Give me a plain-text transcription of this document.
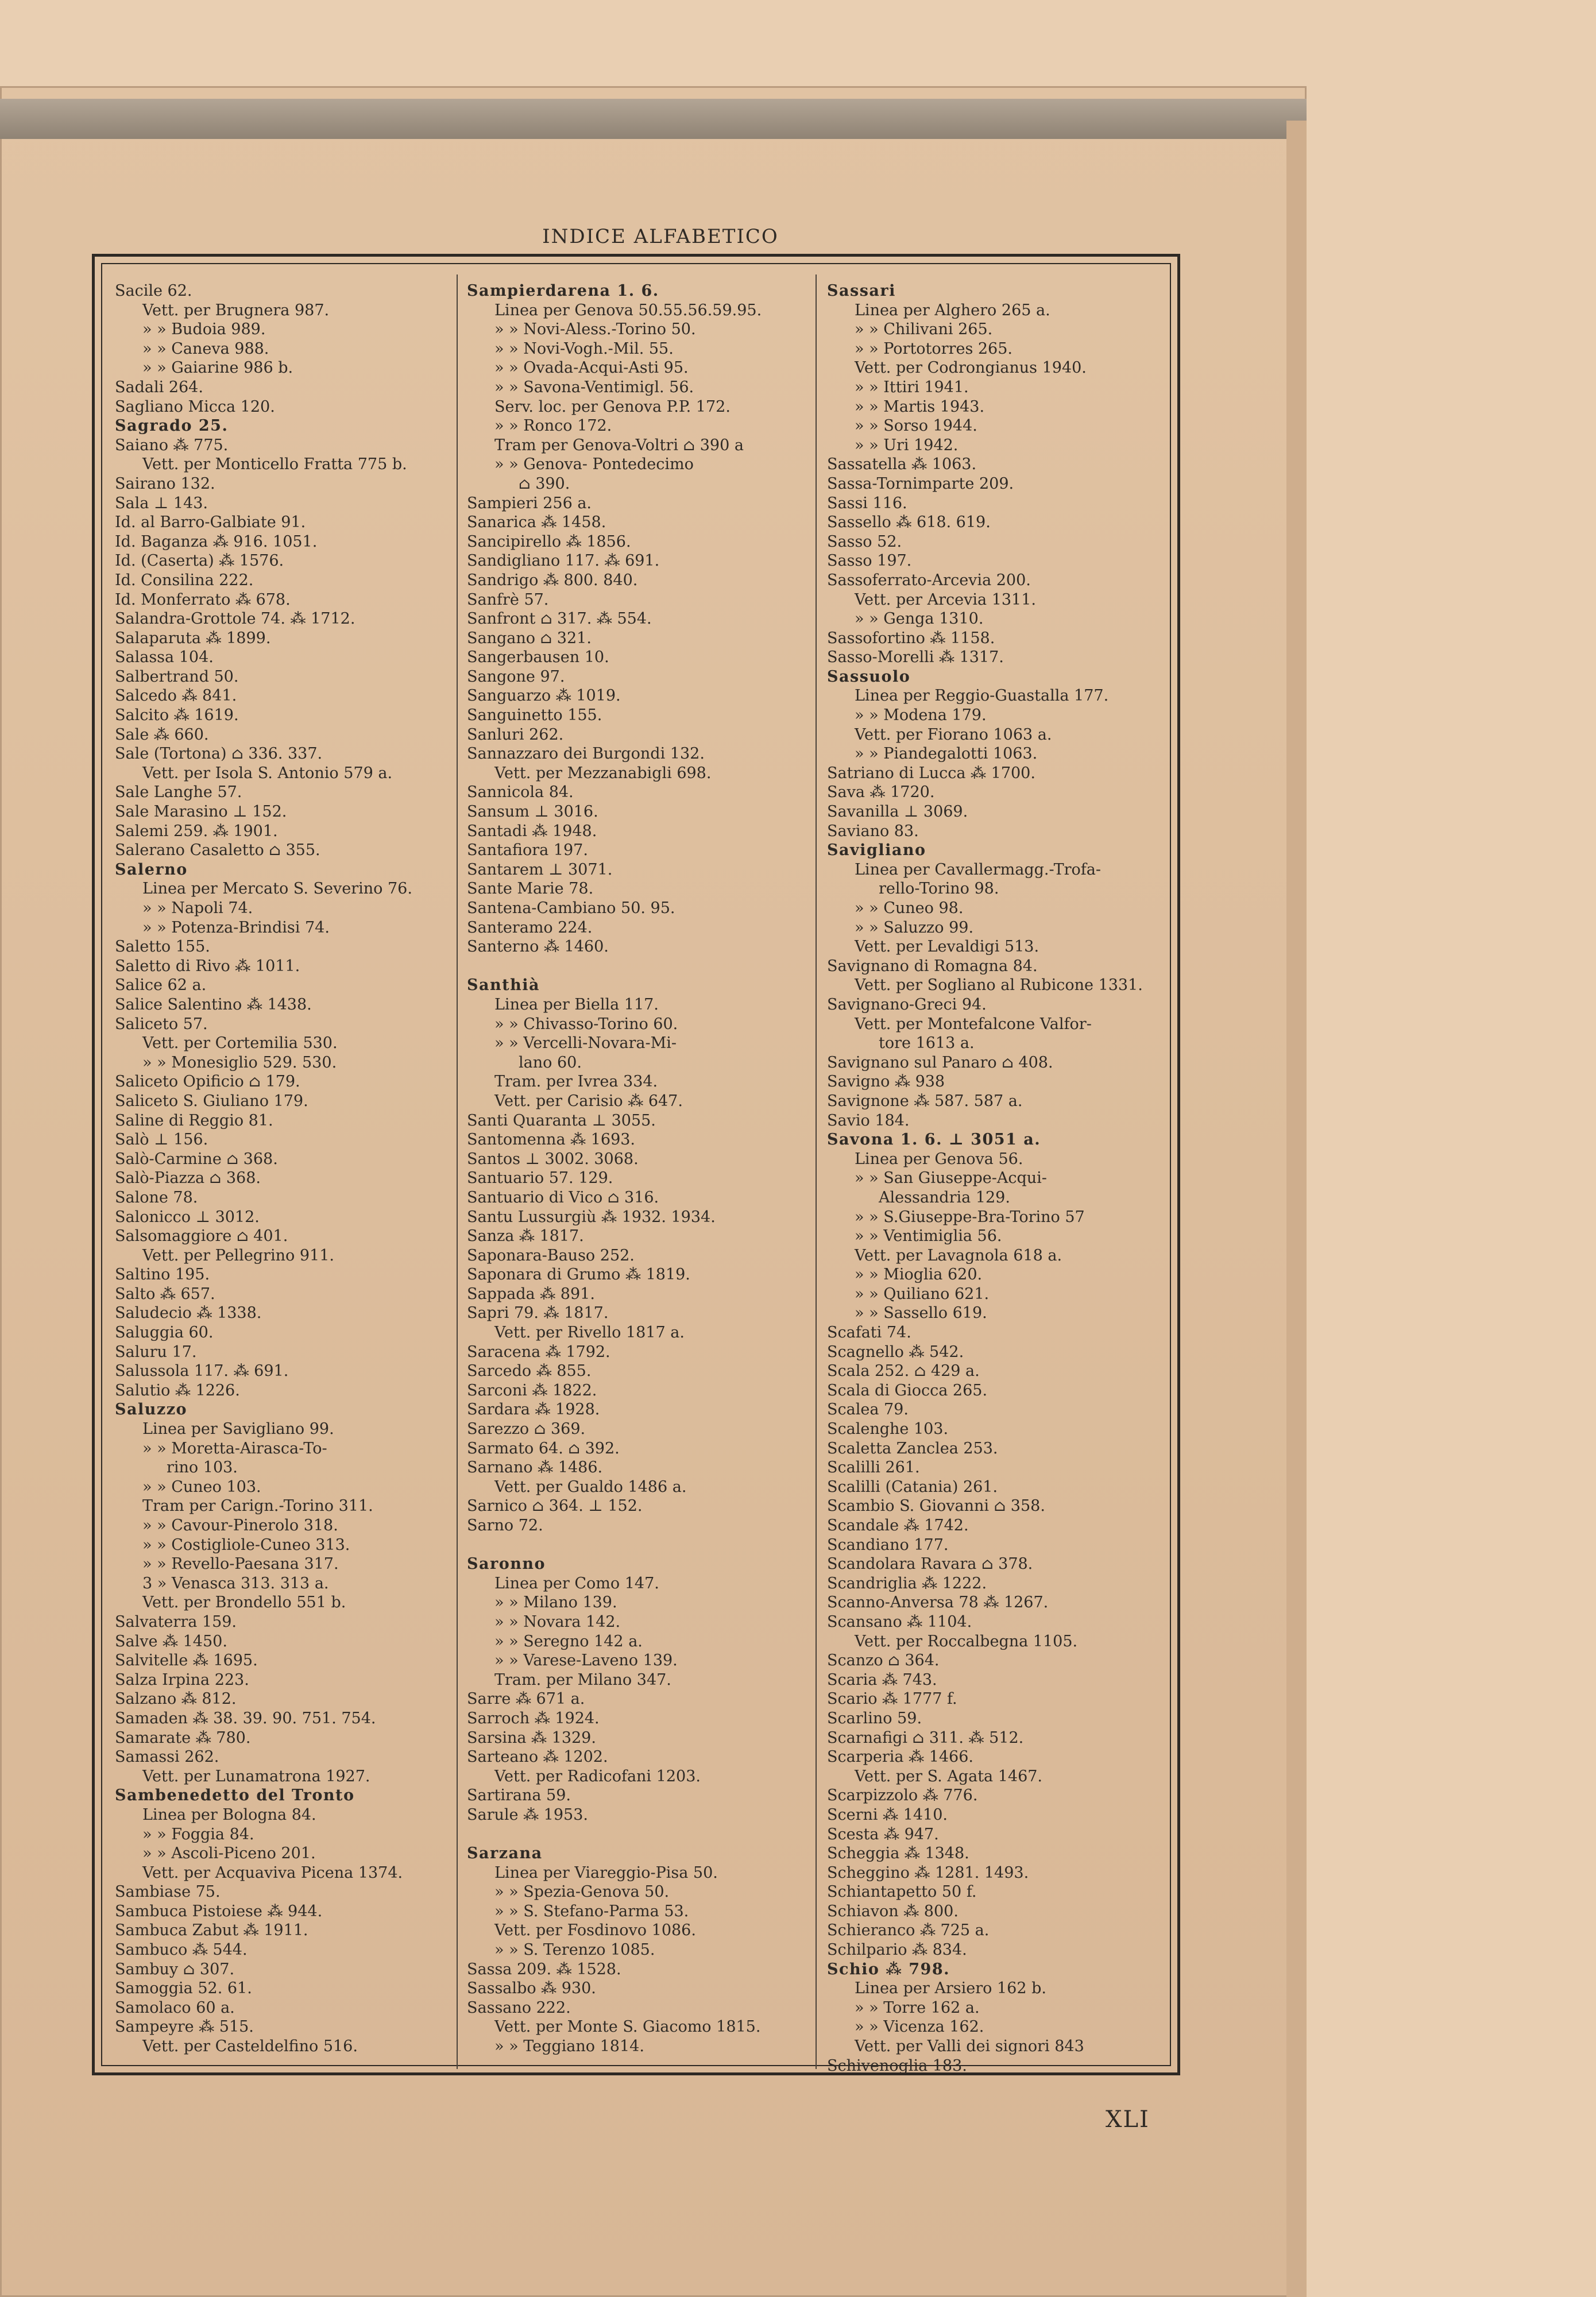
INDICE ALFABETICO
Sacile 62.
Vett. per Brugnera 987.
» » Budoia 989.
» » Caneva 988.
» » Gaiarine 986 b.
Sadali 264.
Sagliano Micca 120.
Sagrado 25.
Saiano ⁂ 775.
Vett. per Monticello Fratta 775 b.
Sairano 132.
Sala ⊥ 143.
Id. al Barro-Galbiate 91.
Id. Baganza ⁂ 916. 1051.
Id. (Caserta) ⁂ 1576.
Id. Consilina 222.
Id. Monferrato ⁂ 678.
Salandra-Grottole 74. ⁂ 1712.
Salaparuta ⁂ 1899.
Salassa 104.
Salbertrand 50.
Salcedo ⁂ 841.
Salcito ⁂ 1619.
Sale ⁂ 660.
Sale (Tortona) ⌂ 336. 337.
Vett. per Isola S. Antonio 579 a.
Sale Langhe 57.
Sale Marasino ⊥ 152.
Salemi 259. ⁂ 1901.
Salerano Casaletto ⌂ 355.
Salerno
Linea per Mercato S. Severino 76.
» » Napoli 74.
» » Potenza-Brindisi 74.
Saletto 155.
Saletto di Rivo ⁂ 1011.
Salice 62 a.
Salice Salentino ⁂ 1438.
Saliceto 57.
Vett. per Cortemilia 530.
» » Monesiglio 529. 530.
Saliceto Opificio ⌂ 179.
Saliceto S. Giuliano 179.
Saline di Reggio 81.
Salò ⊥ 156.
Salò-Carmine ⌂ 368.
Salò-Piazza ⌂ 368.
Salone 78.
Salonicco ⊥ 3012.
Salsomaggiore ⌂ 401.
Vett. per Pellegrino 911.
Saltino 195.
Salto ⁂ 657.
Saludecio ⁂ 1338.
Saluggia 60.
Saluru 17.
Salussola 117. ⁂ 691.
Salutio ⁂ 1226.
Saluzzo
Linea per Savigliano 99.
» » Moretta-Airasca-To-
rino 103.
» » Cuneo 103.
Tram per Carign.-Torino 311.
» » Cavour-Pinerolo 318.
» » Costigliole-Cuneo 313.
» » Revello-Paesana 317.
3 » Venasca 313. 313 a.
Vett. per Brondello 551 b.
Salvaterra 159.
Salve ⁂ 1450.
Salvitelle ⁂ 1695.
Salza Irpina 223.
Salzano ⁂ 812.
Samaden ⁂ 38. 39. 90. 751. 754.
Samarate ⁂ 780.
Samassi 262.
Vett. per Lunamatrona 1927.
Sambenedetto del Tronto
Linea per Bologna 84.
» » Foggia 84.
» » Ascoli-Piceno 201.
Vett. per Acquaviva Picena 1374.
Sambiase 75.
Sambuca Pistoiese ⁂ 944.
Sambuca Zabut ⁂ 1911.
Sambuco ⁂ 544.
Sambuy ⌂ 307.
Samoggia 52. 61.
Samolaco 60 a.
Sampeyre ⁂ 515.
Vett. per Casteldelfino 516.
Sampierdarena 1. 6.
Linea per Genova 50.55.56.59.95.
» » Novi-Aless.-Torino 50.
» » Novi-Vogh.-Mil. 55.
» » Ovada-Acqui-Asti 95.
» » Savona-Ventimigl. 56.
Serv. loc. per Genova P.P. 172.
» » Ronco 172.
Tram per Genova-Voltri ⌂ 390 a
» » Genova- Pontedecimo
⌂ 390.
Sampieri 256 a.
Sanarica ⁂ 1458.
Sancipirello ⁂ 1856.
Sandigliano 117. ⁂ 691.
Sandrigo ⁂ 800. 840.
Sanfrè 57.
Sanfront ⌂ 317. ⁂ 554.
Sangano ⌂ 321.
Sangerbausen 10.
Sangone 97.
Sanguarzo ⁂ 1019.
Sanguinetto 155.
Sanluri 262.
Sannazzaro dei Burgondi 132.
Vett. per Mezzanabigli 698.
Sannicola 84.
Sansum ⊥ 3016.
Santadi ⁂ 1948.
Santafiora 197.
Santarem ⊥ 3071.
Sante Marie 78.
Santena-Cambiano 50. 95.
Santeramo 224.
Santerno ⁂ 1460.

Santhià
Linea per Biella 117.
» » Chivasso-Torino 60.
» » Vercelli-Novara-Mi-
lano 60.
Tram. per Ivrea 334.
Vett. per Carisio ⁂ 647.
Santi Quaranta ⊥ 3055.
Santomenna ⁂ 1693.
Santos ⊥ 3002. 3068.
Santuario 57. 129.
Santuario di Vico ⌂ 316.
Santu Lussurgiù ⁂ 1932. 1934.
Sanza ⁂ 1817.
Saponara-Bauso 252.
Saponara di Grumo ⁂ 1819.
Sappada ⁂ 891.
Sapri 79. ⁂ 1817.
Vett. per Rivello 1817 a.
Saracena ⁂ 1792.
Sarcedo ⁂ 855.
Sarconi ⁂ 1822.
Sardara ⁂ 1928.
Sarezzo ⌂ 369.
Sarmato 64. ⌂ 392.
Sarnano ⁂ 1486.
Vett. per Gualdo 1486 a.
Sarnico ⌂ 364. ⊥ 152.
Sarno 72.

Saronno
Linea per Como 147.
» » Milano 139.
» » Novara 142.
» » Seregno 142 a.
» » Varese-Laveno 139.
Tram. per Milano 347.
Sarre ⁂ 671 a.
Sarroch ⁂ 1924.
Sarsina ⁂ 1329.
Sarteano ⁂ 1202.
Vett. per Radicofani 1203.
Sartirana 59.
Sarule ⁂ 1953.

Sarzana
Linea per Viareggio-Pisa 50.
» » Spezia-Genova 50.
» » S. Stefano-Parma 53.
Vett. per Fosdinovo 1086.
» » S. Terenzo 1085.
Sassa 209. ⁂ 1528.
Sassalbo ⁂ 930.
Sassano 222.
Vett. per Monte S. Giacomo 1815.
» » Teggiano 1814.
Sassari
Linea per Alghero 265 a.
» » Chilivani 265.
» » Portotorres 265.
Vett. per Codrongianus 1940.
» » Ittiri 1941.
» » Martis 1943.
» » Sorso 1944.
» » Uri 1942.
Sassatella ⁂ 1063.
Sassa-Tornimparte 209.
Sassi 116.
Sassello ⁂ 618. 619.
Sasso 52.
Sasso 197.
Sassoferrato-Arcevia 200.
Vett. per Arcevia 1311.
» » Genga 1310.
Sassofortino ⁂ 1158.
Sasso-Morelli ⁂ 1317.
Sassuolo
Linea per Reggio-Guastalla 177.
» » Modena 179.
Vett. per Fiorano 1063 a.
» » Piandegalotti 1063.
Satriano di Lucca ⁂ 1700.
Sava ⁂ 1720.
Savanilla ⊥ 3069.
Saviano 83.
Savigliano
Linea per Cavallermagg.-Trofa-
rello-Torino 98.
» » Cuneo 98.
» » Saluzzo 99.
Vett. per Levaldigi 513.
Savignano di Romagna 84.
Vett. per Sogliano al Rubicone 1331.
Savignano-Greci 94.
Vett. per Montefalcone Valfor-
tore 1613 a.
Savignano sul Panaro ⌂ 408.
Savigno ⁂ 938
Savignone ⁂ 587. 587 a.
Savio 184.
Savona 1. 6. ⊥ 3051 a.
Linea per Genova 56.
» » San Giuseppe-Acqui-
Alessandria 129.
» » S.Giuseppe-Bra-Torino 57
» » Ventimiglia 56.
Vett. per Lavagnola 618 a.
» » Mioglia 620.
» » Quiliano 621.
» » Sassello 619.
Scafati 74.
Scagnello ⁂ 542.
Scala 252. ⌂ 429 a.
Scala di Giocca 265.
Scalea 79.
Scalenghe 103.
Scaletta Zanclea 253.
Scalilli 261.
Scalilli (Catania) 261.
Scambio S. Giovanni ⌂ 358.
Scandale ⁂ 1742.
Scandiano 177.
Scandolara Ravara ⌂ 378.
Scandriglia ⁂ 1222.
Scanno-Anversa 78 ⁂ 1267.
Scansano ⁂ 1104.
Vett. per Roccalbegna 1105.
Scanzo ⌂ 364.
Scaria ⁂ 743.
Scario ⁂ 1777 f.
Scarlino 59.
Scarnafigi ⌂ 311. ⁂ 512.
Scarperia ⁂ 1466.
Vett. per S. Agata 1467.
Scarpizzolo ⁂ 776.
Scerni ⁂ 1410.
Scesta ⁂ 947.
Scheggia ⁂ 1348.
Scheggino ⁂ 1281. 1493.
Schiantapetto 50 f.
Schiavon ⁂ 800.
Schieranco ⁂ 725 a.
Schilpario ⁂ 834.
Schio ⁂ 798.
Linea per Arsiero 162 b.
» » Torre 162 a.
» » Vicenza 162.
Vett. per Valli dei signori 843
Schivenoglia 183.
XLI
